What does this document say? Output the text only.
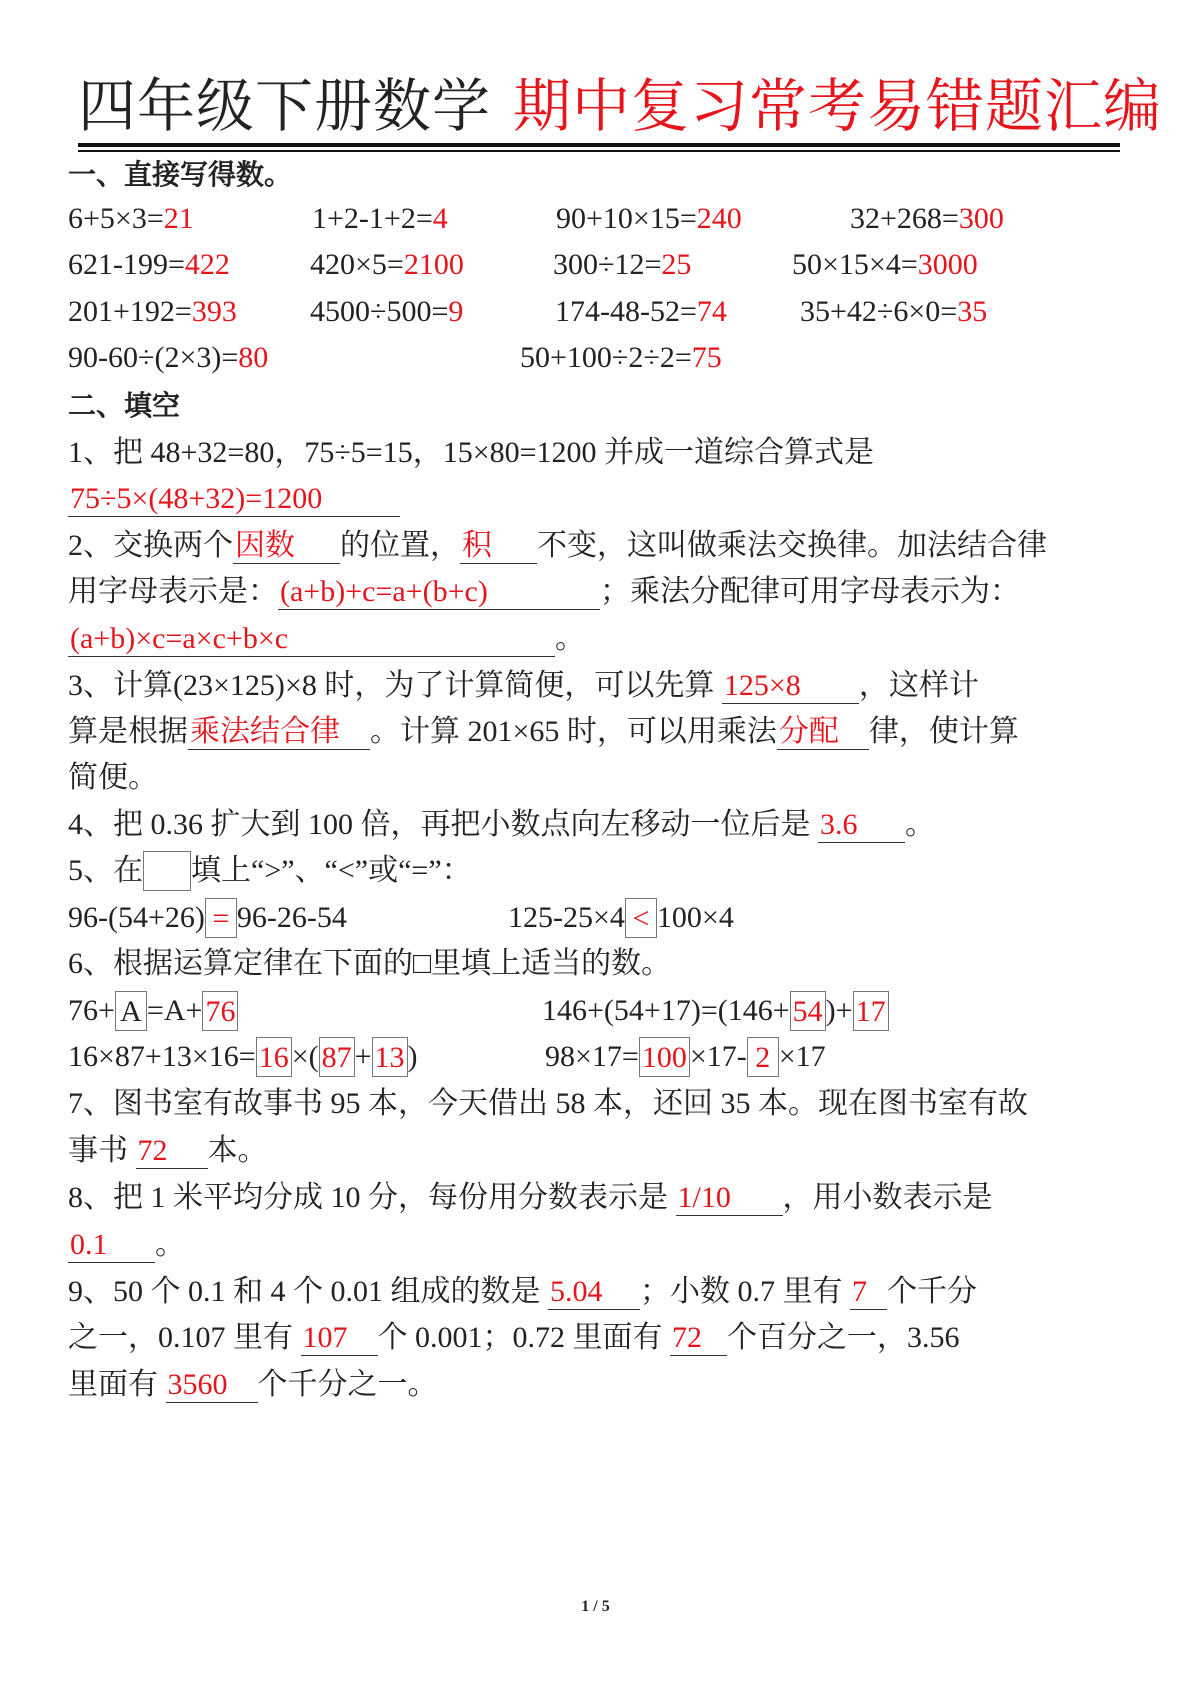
四年级下册数学 期中复习常考易错题汇编
一、直接写得数。
6+5×3=21	1+2-1+2=4	90+10×15=240	32+268=300
621-199=422	420×5=2100	300÷12=25	50×15×4=3000
201+192=393 4500÷500=9	174-48-52=74 35+42÷6×0=35
90-60÷(2×3)=80	50+100÷2÷2=75
二、填空
1、把 48+32=80，75÷5=15，15×80=1200 并成一道综合算式是
75÷5×(48+32)=1200
2、交换两个因数 的位置，积 不变，这叫做乘法交换律。加法结合律
用字母表示是：(a+b)+c=a+(b+c)	；乘法分配律可用字母表示为：
(a+b)×c=a×c+b×c	。
3、计算(23×125)×8 时，为了计算简便，可以先算 125×8 ，这样计
算是根据乘法结合律 。计算 201×65 时，可以用乘法分配 律，使计算
简便。
4、把 0.36 扩大到 100 倍，再把小数点向左移动一位后是 3.6 。
5、在 填上“>”、“<”或“=”：
96-(54+26) = 96-26-54	125-25×4 < 100×4
6、根据运算定律在下面的□里填上适当的数。
76+ A =A+ 76	146+(54+17)=(146+ 54 )+ 17
16×87+13×16= 16 ×( 87 + 13 )	98×17= 100 ×17- 2 ×17
7、图书室有故事书 95 本，今天借出 58 本，还回 35 本。现在图书室有故
事书 72 本。
8、把 1 米平均分成 10 分，每份用分数表示是 1/10 ，用小数表示是
0.1 。
9、50 个 0.1 和 4 个 0.01 组成的数是 5.04 ；小数 0.7 里有 7 个千分
之一，0.107 里有 107 个 0.001；0.72 里面有 72 个百分之一，3.56
里面有 3560 个千分之一。
1 / 5
